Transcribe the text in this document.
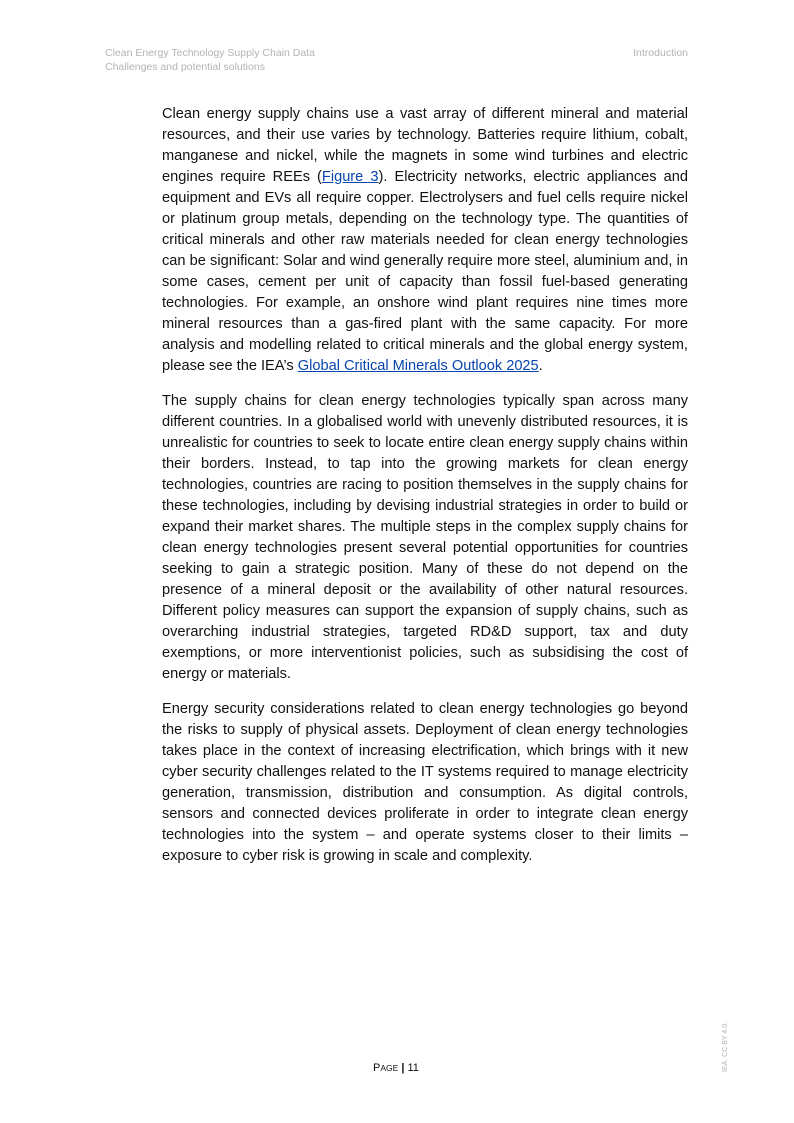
Clean Energy Technology Supply Chain Data
Challenges and potential solutions
Introduction

Clean energy supply chains use a vast array of different mineral and material resources, and their use varies by technology. Batteries require lithium, cobalt, manganese and nickel, while the magnets in some wind turbines and electric engines require REEs (Figure 3). Electricity networks, electric appliances and equipment and EVs all require copper. Electrolysers and fuel cells require nickel or platinum group metals, depending on the technology type. The quantities of critical minerals and other raw materials needed for clean energy technologies can be significant: Solar and wind generally require more steel, aluminium and, in some cases, cement per unit of capacity than fossil fuel-based generating technologies. For example, an onshore wind plant requires nine times more mineral resources than a gas-fired plant with the same capacity. For more analysis and modelling related to critical minerals and the global energy system, please see the IEA’s Global Critical Minerals Outlook 2025.

The supply chains for clean energy technologies typically span across many different countries. In a globalised world with unevenly distributed resources, it is unrealistic for countries to seek to locate entire clean energy supply chains within their borders. Instead, to tap into the growing markets for clean energy technologies, countries are racing to position themselves in the supply chains for these technologies, including by devising industrial strategies in order to build or expand their market shares. The multiple steps in the complex supply chains for clean energy technologies present several potential opportunities for countries seeking to gain a strategic position. Many of these do not depend on the presence of a mineral deposit or the availability of other natural resources. Different policy measures can support the expansion of supply chains, such as overarching industrial strategies, targeted RD&D support, tax and duty exemptions, or more interventionist policies, such as subsidising the cost of energy or materials.

Energy security considerations related to clean energy technologies go beyond the risks to supply of physical assets. Deployment of clean energy technologies takes place in the context of increasing electrification, which brings with it new cyber security challenges related to the IT systems required to manage electricity generation, transmission, distribution and consumption. As digital controls, sensors and connected devices proliferate in order to integrate clean energy technologies into the system – and operate systems closer to their limits – exposure to cyber risk is growing in scale and complexity.

PAGE | 11	IEA. CC BY 4.0.
